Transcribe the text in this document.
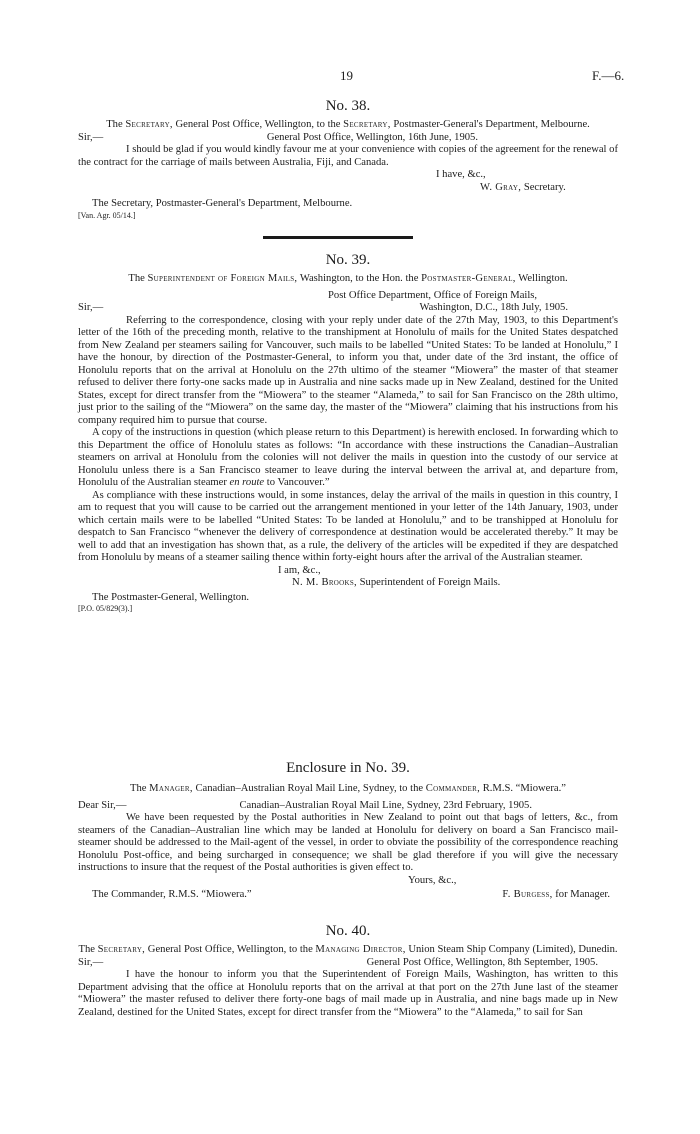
19	F.—6.
No. 38.

The Secretary, General Post Office, Wellington, to the Secretary, Postmaster-General's Department, Melbourne.

Sir,—	General Post Office, Wellington, 16th June, 1905.

I should be glad if you would kindly favour me at your convenience with copies of the agreement for the renewal of the contract for the carriage of mails between Australia, Fiji, and Canada.

I have, &c.,

W. Gray, Secretary.

The Secretary, Postmaster-General's Department, Melbourne.

[Van. Agr. 05/14.]

No. 39.

The Superintendent of Foreign Mails, Washington, to the Hon. the Postmaster-General, Wellington.

Post Office Department, Office of Foreign Mails,

Sir,—	Washington, D.C., 18th July, 1905.

Referring to the correspondence, closing with your reply under date of the 27th May, 1903, to this Department's letter of the 16th of the preceding month, relative to the transhipment at Honolulu of mails for the United States despatched from New Zealand per steamers sailing for Vancouver, such mails to be labelled “United States: To be landed at Honolulu,” I have the honour, by direction of the Postmaster-General, to inform you that, under date of the 3rd instant, the office of Honolulu reports that on the arrival at Honolulu on the 27th ultimo of the steamer “Miowera” the master of that steamer refused to deliver there forty-one sacks made up in Australia and nine sacks made up in New Zealand, destined for the United States, except for direct transfer from the “Miowera” to the steamer “Alameda,” to sail for San Francisco on the 28th ultimo, just prior to the sailing of the “Miowera” on the same day, the master of the “Miowera” claiming that his instructions from his company required him to pursue that course.

A copy of the instructions in question (which please return to this Department) is herewith enclosed. In forwarding which to this Department the office of Honolulu states as follows: “In accordance with these instructions the Canadian–Australian steamers on arrival at Honolulu from the colonies will not deliver the mails in question into the custody of our service at Honolulu unless there is a San Francisco steamer to leave during the interval between the arrival at, and departure from, Honolulu of the Australian steamer en route to Vancouver.”

As compliance with these instructions would, in some instances, delay the arrival of the mails in question in this country, I am to request that you will cause to be carried out the arrangement mentioned in your letter of the 14th January, 1903, under which certain mails were to be labelled “United States: To be landed at Honolulu,” and to be transhipped at Honolulu for despatch to San Francisco “whenever the delivery of correspondence at destination would be accelerated thereby.” It may be well to add that an investigation has shown that, as a rule, the delivery of the articles will be expedited if they are despatched from Honolulu by means of a steamer sailing thence within forty-eight hours after the arrival of the Australian steamer.

I am, &c.,

N. M. Brooks, Superintendent of Foreign Mails.

The Postmaster-General, Wellington.

[P.O. 05/829(3).]

Enclosure in No. 39.

The Manager, Canadian–Australian Royal Mail Line, Sydney, to the Commander, R.M.S. “Miowera.”

Dear Sir,—	Canadian–Australian Royal Mail Line, Sydney, 23rd February, 1905.

We have been requested by the Postal authorities in New Zealand to point out that bags of letters, &c., from steamers of the Canadian–Australian line which may be landed at Honolulu for delivery on board a San Francisco mail-steamer should be addressed to the Mail-agent of the vessel, in order to obviate the possibility of the correspondence reaching Honolulu Post-office, and being surcharged in consequence; we shall be glad therefore if you will give the necessary instructions to insure that the request of the Postal authorities is given effect to.

Yours, &c.,

The Commander, R.M.S. “Miowera.”	F. Burgess, for Manager.
No. 40.

The Secretary, General Post Office, Wellington, to the Managing Director, Union Steam Ship Company (Limited), Dunedin.

Sir,—	General Post Office, Wellington, 8th September, 1905.

I have the honour to inform you that the Superintendent of Foreign Mails, Washington, has written to this Department advising that the office at Honolulu reports that on the arrival at that port on the 27th June last of the steamer “Miowera” the master refused to deliver there forty-one bags of mail made up in Australia, and nine bags made up in New Zealand, destined for the United States, except for direct transfer from the “Miowera” to the “Alameda,” to sail for San
